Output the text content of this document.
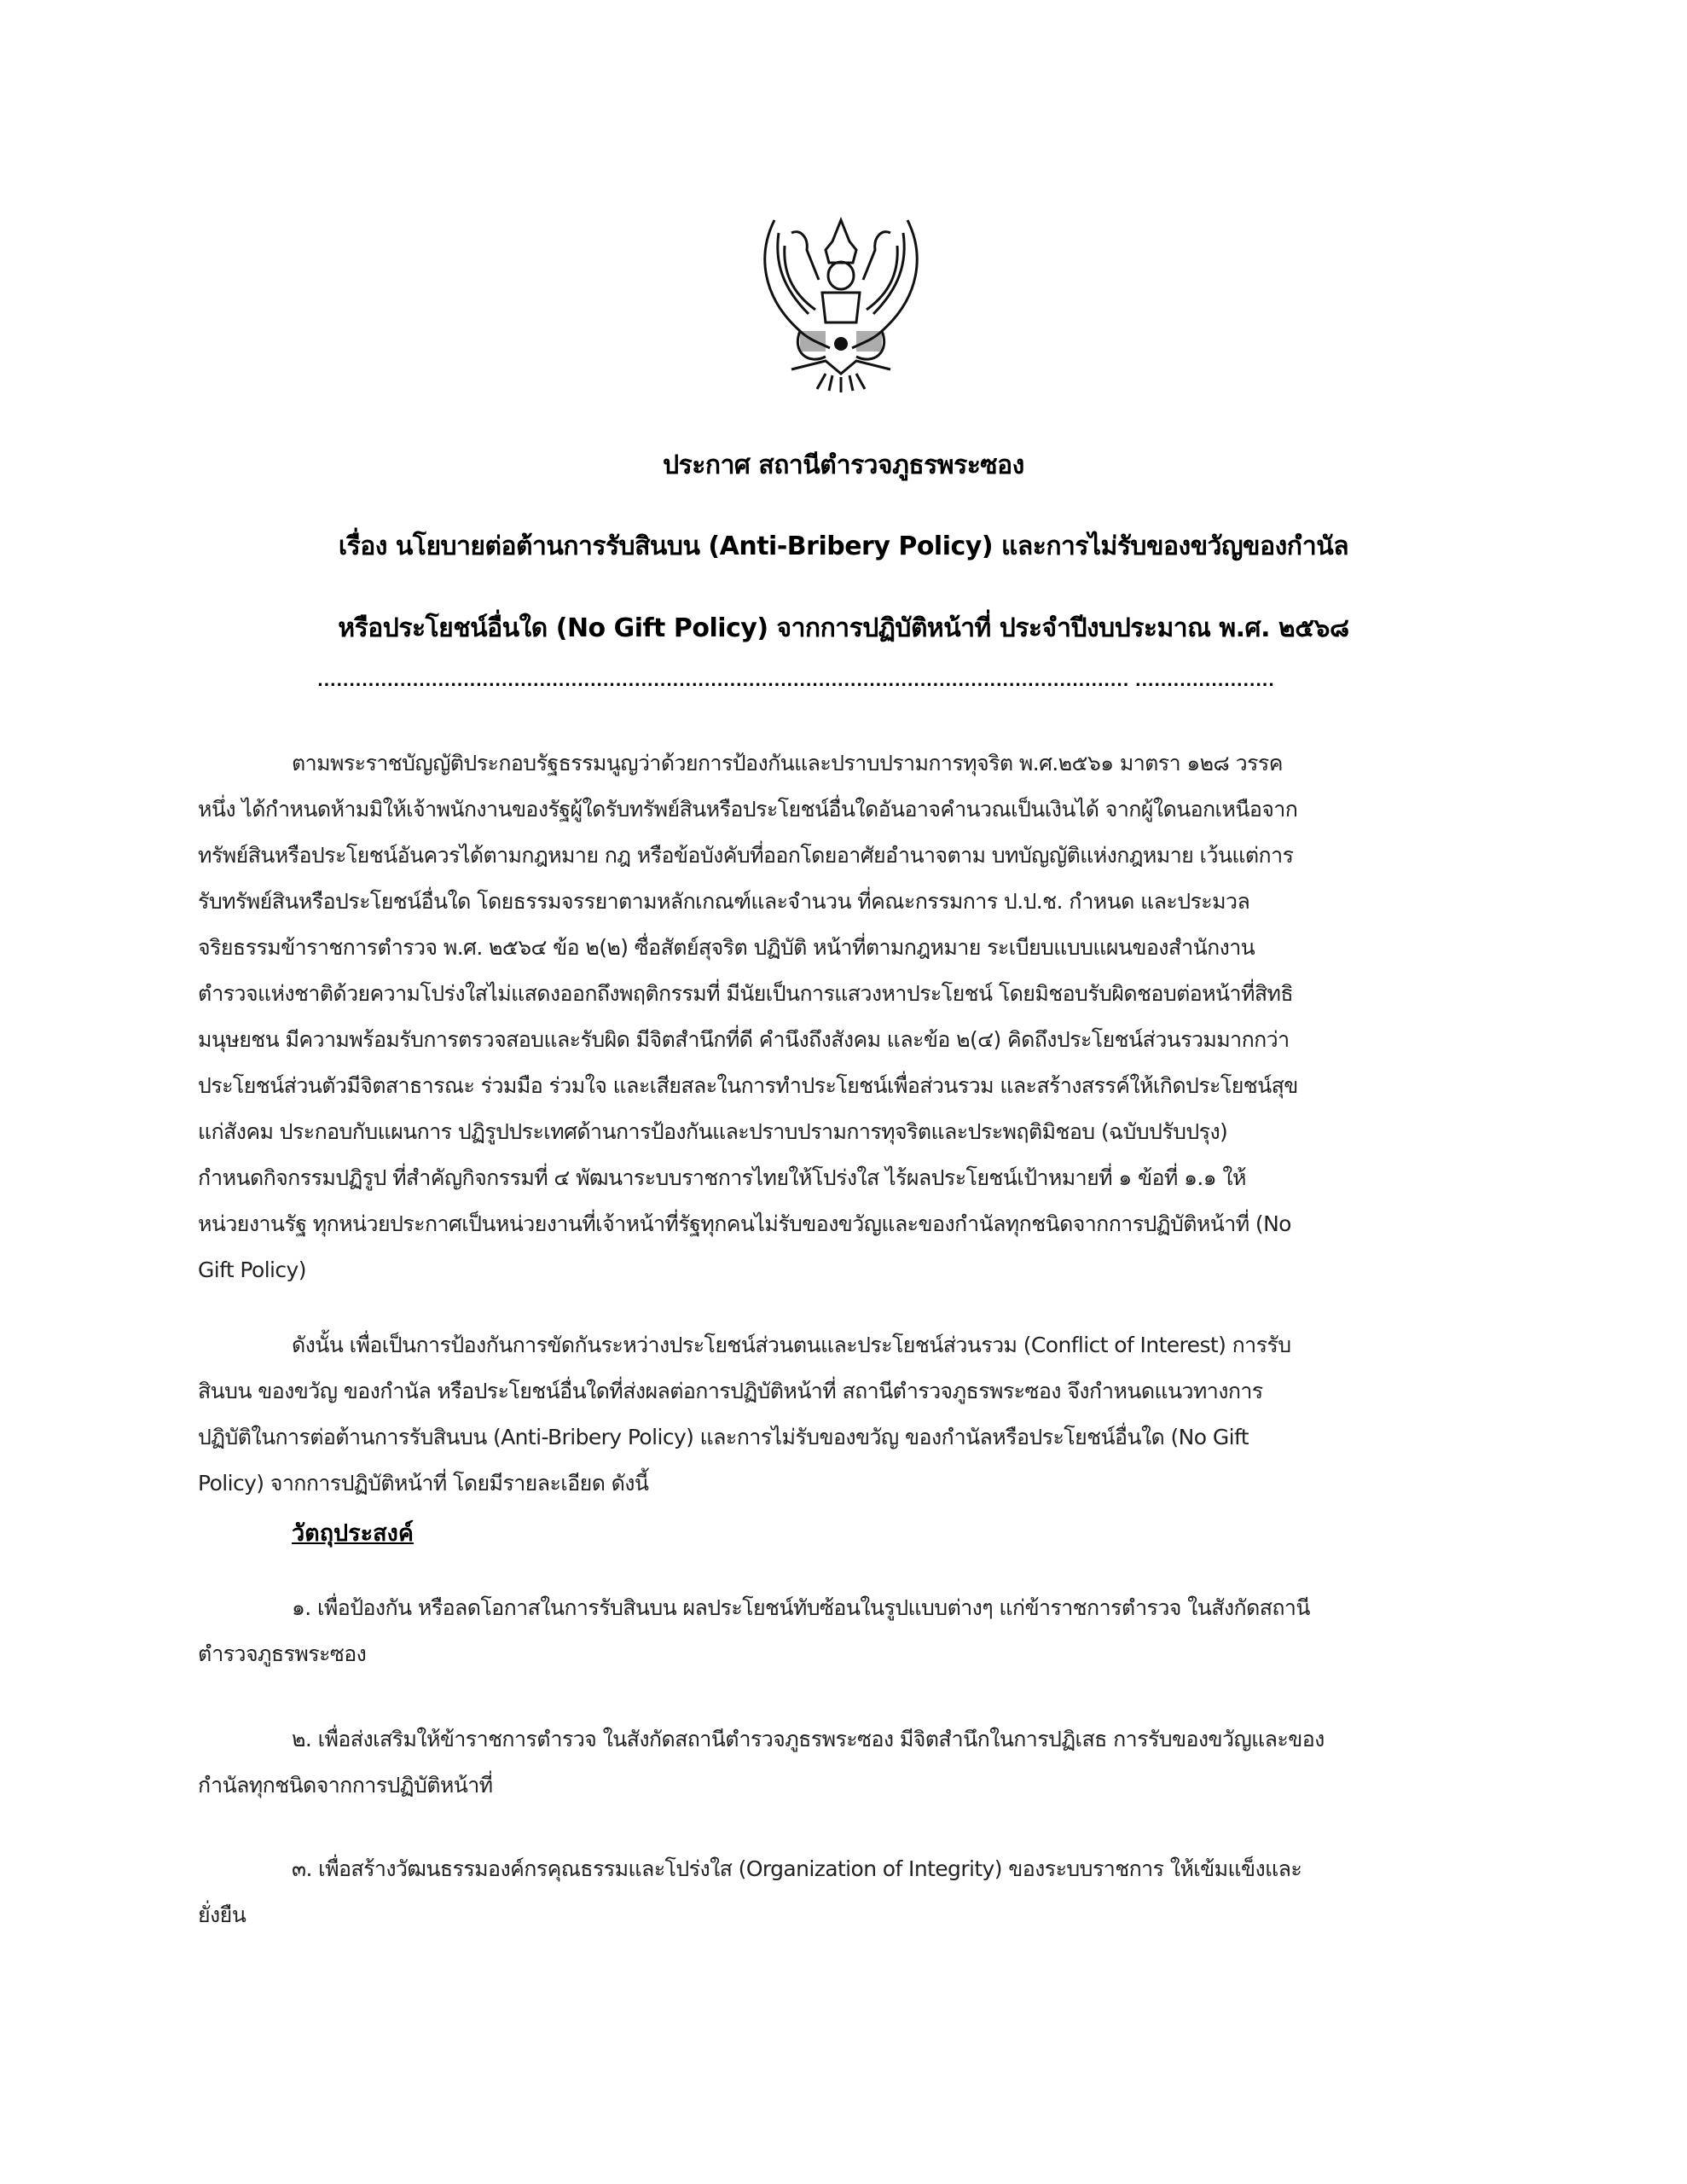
ประกาศ สถานีตำรวจภูธรพระซอง
เรื่อง นโยบายต่อต้านการรับสินบน (Anti-Bribery Policy) และการไม่รับของขวัญของกำนัล
หรือประโยชน์อื่นใด (No Gift Policy) จากการปฏิบัติหน้าที่ ประจำปีงบประมาณ พ.ศ. ๒๕๖๘
................................................................................................................................ ......................
ตามพระราชบัญญัติประกอบรัฐธรรมนูญว่าด้วยการป้องกันและปราบปรามการทุจริต พ.ศ.๒๕๖๑ มาตรา ๑๒๘ วรรค
หนึ่ง ได้กำหนดห้ามมิให้เจ้าพนักงานของรัฐผู้ใดรับทรัพย์สินหรือประโยชน์อื่นใดอันอาจคำนวณเป็นเงินได้ จากผู้ใดนอกเหนือจาก
ทรัพย์สินหรือประโยชน์อันควรได้ตามกฎหมาย กฎ หรือข้อบังคับที่ออกโดยอาศัยอำนาจตาม บทบัญญัติแห่งกฎหมาย เว้นแต่การ
รับทรัพย์สินหรือประโยชน์อื่นใด โดยธรรมจรรยาตามหลักเกณฑ์และจำนวน ที่คณะกรรมการ ป.ป.ช. กำหนด และประมวล
จริยธรรมข้าราชการตำรวจ พ.ศ. ๒๕๖๔ ข้อ ๒(๒) ซื่อสัตย์สุจริต ปฏิบัติ หน้าที่ตามกฎหมาย ระเบียบแบบแผนของสำนักงาน
ตำรวจแห่งชาติด้วยความโปร่งใสไม่แสดงออกถึงพฤติกรรมที่ มีนัยเป็นการแสวงหาประโยชน์ โดยมิชอบรับผิดชอบต่อหน้าที่สิทธิ
มนุษยชน มีความพร้อมรับการตรวจสอบและรับผิด มีจิตสำนึกที่ดี คำนึงถึงสังคม และข้อ ๒(๔) คิดถึงประโยชน์ส่วนรวมมากกว่า
ประโยชน์ส่วนตัวมีจิตสาธารณะ ร่วมมือ ร่วมใจ และเสียสละในการทำประโยชน์เพื่อส่วนรวม และสร้างสรรค์ให้เกิดประโยชน์สุข
แก่สังคม ประกอบกับแผนการ ปฏิรูปประเทศด้านการป้องกันและปราบปรามการทุจริตและประพฤติมิชอบ (ฉบับปรับปรุง)
กำหนดกิจกรรมปฏิรูป ที่สำคัญกิจกรรมที่ ๔ พัฒนาระบบราชการไทยให้โปร่งใส ไร้ผลประโยชน์เป้าหมายที่ ๑ ข้อที่ ๑.๑ ให้
หน่วยงานรัฐ ทุกหน่วยประกาศเป็นหน่วยงานที่เจ้าหน้าที่รัฐทุกคนไม่รับของขวัญและของกำนัลทุกชนิดจากการปฏิบัติหน้าที่ (No
Gift Policy)
ดังนั้น เพื่อเป็นการป้องกันการขัดกันระหว่างประโยชน์ส่วนตนและประโยชน์ส่วนรวม (Conflict of Interest) การรับ
สินบน ของขวัญ ของกำนัล หรือประโยชน์อื่นใดที่ส่งผลต่อการปฏิบัติหน้าที่ สถานีตำรวจภูธรพระซอง จึงกำหนดแนวทางการ
ปฏิบัติในการต่อต้านการรับสินบน (Anti-Bribery Policy) และการไม่รับของขวัญ ของกำนัลหรือประโยชน์อื่นใด (No Gift
Policy) จากการปฏิบัติหน้าที่ โดยมีรายละเอียด ดังนี้
วัตถุประสงค์
๑. เพื่อป้องกัน หรือลดโอกาสในการรับสินบน ผลประโยชน์ทับซ้อนในรูปแบบต่างๆ แก่ข้าราชการตำรวจ ในสังกัดสถานี
ตำรวจภูธรพระซอง
๒. เพื่อส่งเสริมให้ข้าราชการตำรวจ ในสังกัดสถานีตำรวจภูธรพระซอง มีจิตสำนึกในการปฏิเสธ การรับของขวัญและของ
กำนัลทุกชนิดจากการปฏิบัติหน้าที่
๓. เพื่อสร้างวัฒนธรรมองค์กรคุณธรรมและโปร่งใส (Organization of Integrity) ของระบบราชการ ให้เข้มแข็งและ
ยั่งยืน
